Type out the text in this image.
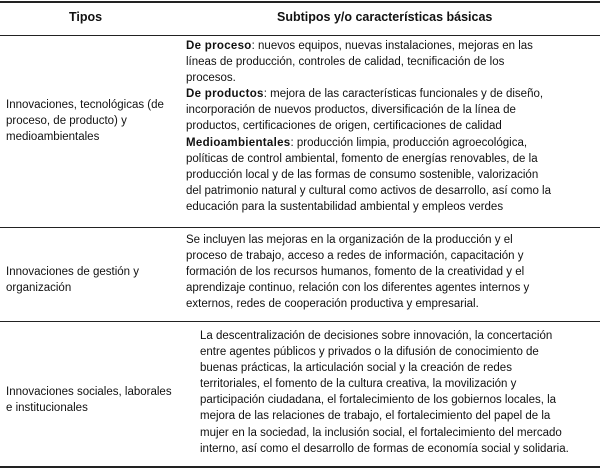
Tipos	Subtipos y/o características básicas
Innovaciones, tecnológicas (de proceso, de producto) y medioambientales
De proceso: nuevos equipos, nuevas instalaciones, mejoras en las
líneas de producción, controles de calidad, tecnificación de los
procesos.
De productos: mejora de las características funcionales y de diseño,
incorporación de nuevos productos, diversificación de la línea de
productos, certificaciones de origen, certificaciones de calidad
Medioambientales: producción limpia, producción agroecológica,
políticas de control ambiental, fomento de energías renovables, de la
producción local y de las formas de consumo sostenible, valorización
del patrimonio natural y cultural como activos de desarrollo, así como la
educación para la sustentabilidad ambiental y empleos verdes
Innovaciones de gestión y organización
Se incluyen las mejoras en la organización de la producción y el
proceso de trabajo, acceso a redes de información, capacitación y
formación de los recursos humanos, fomento de la creatividad y el
aprendizaje continuo, relación con los diferentes agentes internos y
externos, redes de cooperación productiva y empresarial.
Innovaciones sociales, laborales e institucionales
La descentralización de decisiones sobre innovación, la concertación
entre agentes públicos y privados o la difusión de conocimiento de
buenas prácticas, la articulación social y la creación de redes
territoriales, el fomento de la cultura creativa, la movilización y
participación ciudadana, el fortalecimiento de los gobiernos locales, la
mejora de las relaciones de trabajo, el fortalecimiento del papel de la
mujer en la sociedad, la inclusión social, el fortalecimiento del mercado
interno, así como el desarrollo de formas de economía social y solidaria.
